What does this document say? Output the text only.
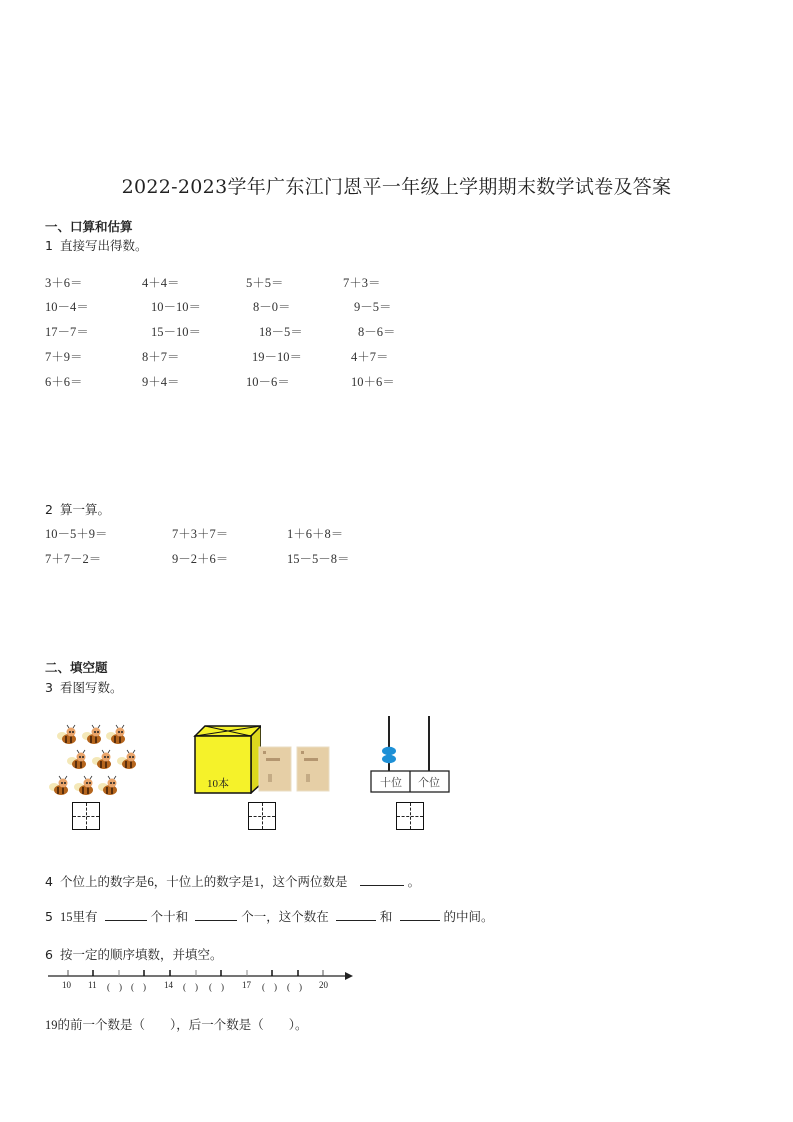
2022-2023学年广东江门恩平一年级上学期期末数学试卷及答案
一、口算和估算
1 直接写出得数。
3＋6＝	4＋4＝	5＋5＝	7＋3＝
10－4＝	10－10＝	8－0＝	9－5＝
17－7＝	15－10＝	18－5＝	8－6＝
7＋9＝	8＋7＝	19－10＝	4＋7＝
6＋6＝	9＋4＝	10－6＝	10＋6＝
2 算一算。
10－5＋9＝	7＋3＋7＝	1＋6＋8＝
7＋7－2＝	9－2＋6＝	15－5－8＝
二、填空题
3 看图写数。
10本	十位 个位
4 个位上的数字是6，十位上的数字是1，这个两位数是	。
5 15里有	个十和	个一，这个数在	和	的中间。
6 按一定的顺序填数，并填空。
10 11 (　) (　) 14 (　) (　) 17 (　) (　) 20
19的前一个数是（　　），后一个数是（　　）。
